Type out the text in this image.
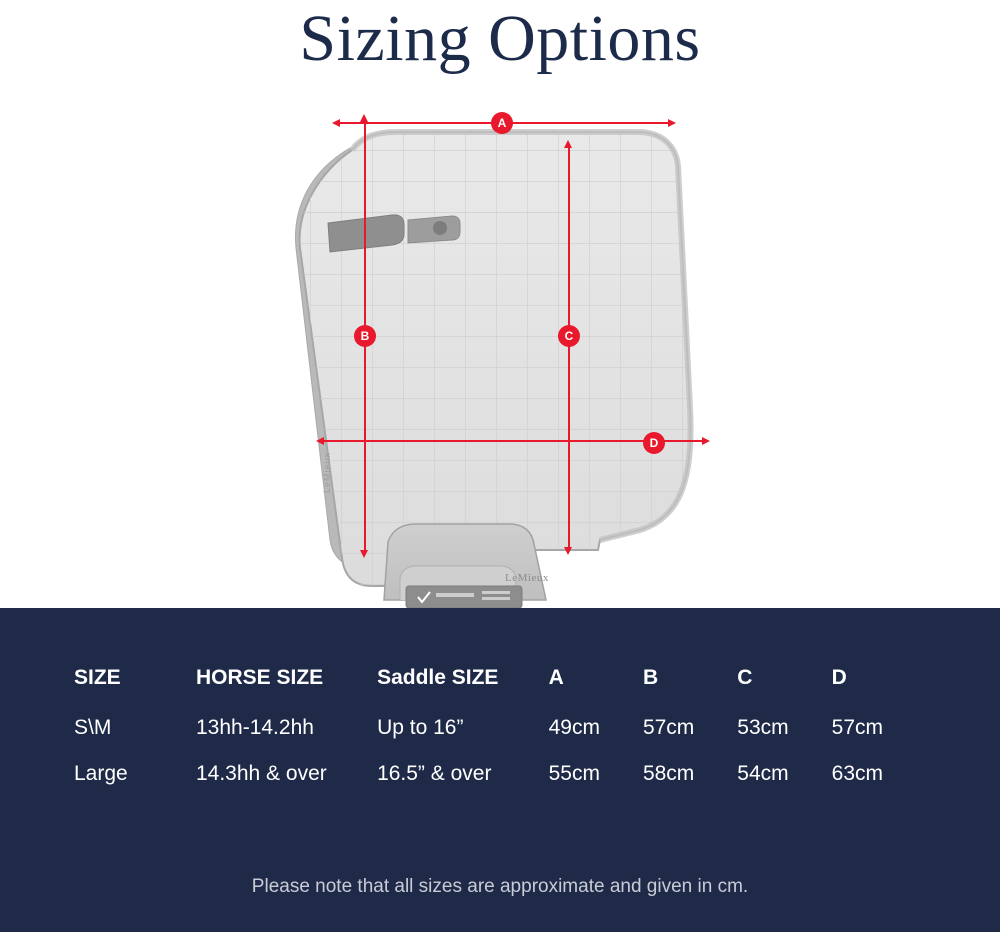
Sizing Options
LeMieux
LeMieux
A
B	C
D
SIZE	HORSE SIZE	Saddle SIZE	A	B	C	D
S\M	13hh-14.2hh	Up to 16”	49cm	57cm	53cm	57cm
Large	14.3hh & over	16.5” & over	55cm	58cm	54cm	63cm
Please note that all sizes are approximate and given in cm.
